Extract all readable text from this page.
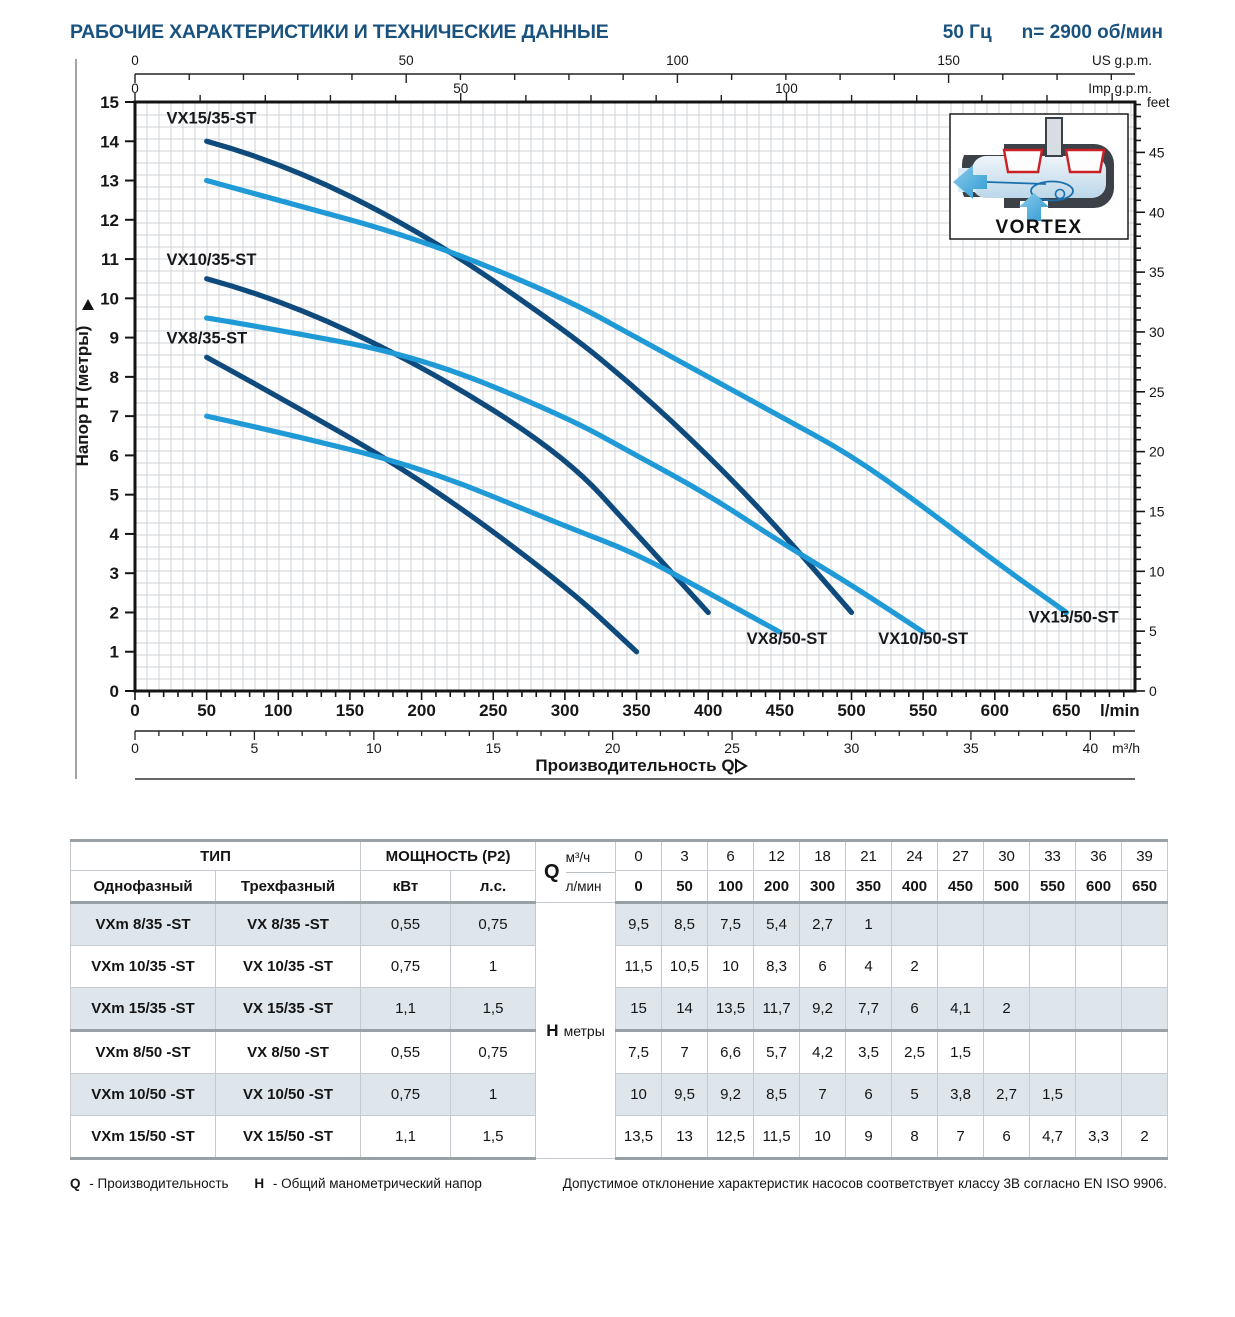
РАБОЧИЕ ХАРАКТЕРИСТИКИ И ТЕХНИЧЕСКИЕ ДАННЫЕ	50 Гц n= 2900 об/мин
0	50	100	150
0	50	100
0
1
2
3
4
5
6
7
8
9
10
11
12
13
14
15
0
5
10
15
20
25
30
35
40
45
0	50	100	150	200	250	300	350	400	450	500	550	600	650
0	5	10	15	20	25	30	35	40
US g.p.m.
Imp g.p.m.
feet
l/min
m³/h
Производительность Q
Напор H (метры)
VX15/35-ST
VX10/35-ST
VX8/35-ST
VX8/50-ST	VX10/50-ST
VX15/50-ST
VORTEX
ТИП		МОЩНОСТЬ (P2)		Q
м³/ч
л/мин	0	3	6	12	18	21	24	27	30	33	36	39
Однофазный	Трехфазный	кВт	л.с.		0	50	100	200	300	350	400	450	500	550	600	650
VXm 8/35 -ST	VX 8/35 -ST	0,55	0,75	H метры	9,5	8,5	7,5	5,4	2,7	1						
VXm 10/35 -ST	VX 10/35 -ST	0,75	1		11,5	10,5	10	8,3	6	4	2					
VXm 15/35 -ST	VX 15/35 -ST	1,1	1,5		15	14	13,5	11,7	9,2	7,7	6	4,1	2			
VXm 8/50 -ST	VX 8/50 -ST	0,55	0,75		7,5	7	6,6	5,7	4,2	3,5	2,5	1,5				
VXm 10/50 -ST	VX 10/50 -ST	0,75	1		10	9,5	9,2	8,5	7	6	5	3,8	2,7	1,5		
VXm 15/50 -ST	VX 15/50 -ST	1,1	1,5		13,5	13	12,5	11,5	10	9	8	7	6	4,7	3,3	2
Q - Производительность H - Общий манометрический напор	Допустимое отклонение характеристик насосов соответствует классу 3B согласно EN ISO 9906.
